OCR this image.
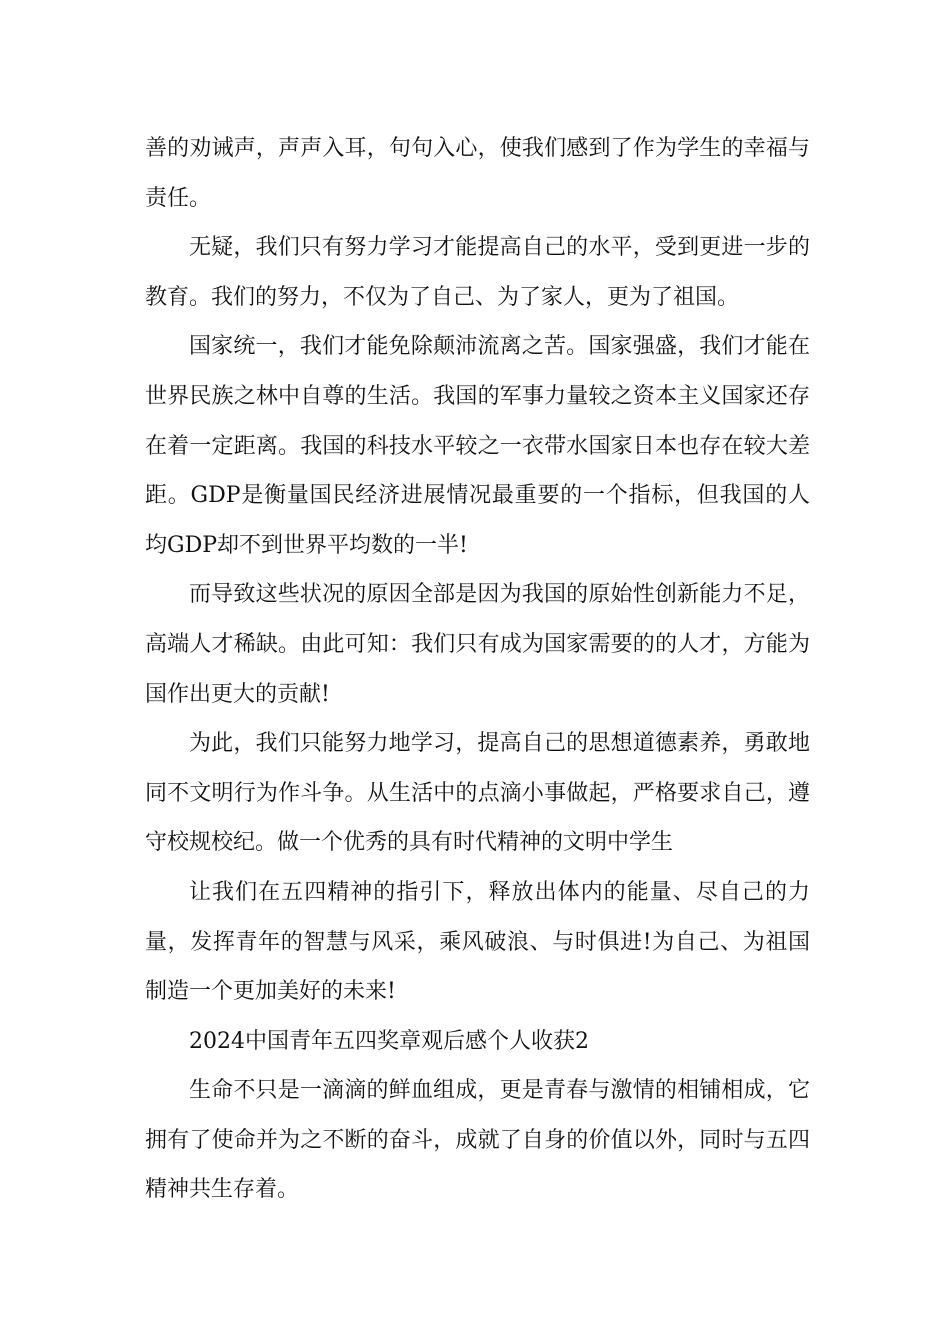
善的劝诫声，声声入耳，句句入心，使我们感到了作为学生的幸福与责任。

无疑，我们只有努力学习才能提高自己的水平，受到更进一步的教育。我们的努力，不仅为了自己、为了家人，更为了祖国。

国家统一，我们才能免除颠沛流离之苦。国家强盛，我们才能在世界民族之林中自尊的生活。我国的军事力量较之资本主义国家还存在着一定距离。我国的科技水平较之一衣带水国家日本也存在较大差距。GDP是衡量国民经济进展情况最重要的一个指标，但我国的人均GDP却不到世界平均数的一半!

而导致这些状况的原因全部是因为我国的原始性创新能力不足，高端人才稀缺。由此可知：我们只有成为国家需要的的人才，方能为国作出更大的贡献!

为此，我们只能努力地学习，提高自己的思想道德素养，勇敢地同不文明行为作斗争。从生活中的点滴小事做起，严格要求自己，遵守校规校纪。做一个优秀的具有时代精神的文明中学生

让我们在五四精神的指引下，释放出体内的能量、尽自己的力量，发挥青年的智慧与风采，乘风破浪、与时俱进!为自己、为祖国制造一个更加美好的未来!

2024中国青年五四奖章观后感个人收获2

生命不只是一滴滴的鲜血组成，更是青春与激情的相铺相成，它拥有了使命并为之不断的奋斗，成就了自身的价值以外，同时与五四精神共生存着。
